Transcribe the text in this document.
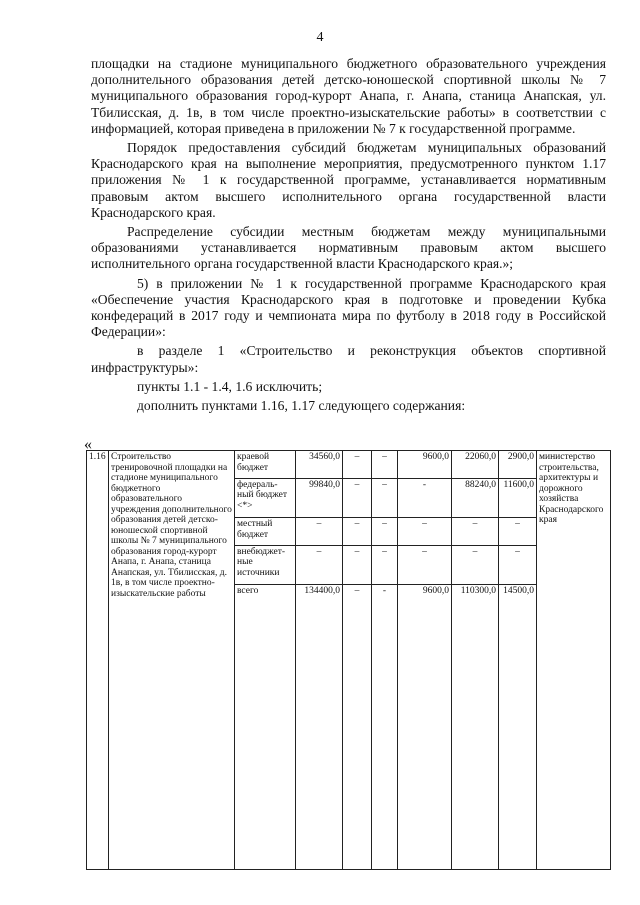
4

площадки на стадионе муниципального бюджетного образовательного учреждения дополнительного образования детей детско-юношеской спортивной школы № 7 муниципального образования город-курорт Анапа, г. Анапа, станица Анапская, ул. Тбилисская, д. 1в, в том числе проектно-изыскательские работы» в соответствии с информацией, которая приведена в приложении № 7 к государственной программе.

Порядок предоставления субсидий бюджетам муниципальных образований Краснодарского края на выполнение мероприятия, предусмотренного пунктом 1.17 приложения № 1 к государственной программе, устанавливается нормативным правовым актом высшего исполнительного органа государственной власти Краснодарского края.

Распределение субсидии местным бюджетам между муниципальными образованиями устанавливается нормативным правовым актом высшего исполнительного органа государственной власти Краснодарского края.»;

5) в приложении № 1 к государственной программе Краснодарского края «Обеспечение участия Краснодарского края в подготовке и проведении Кубка конфедераций в 2017 году и чемпионата мира по футболу в 2018 году в Российской Федерации»:

в разделе 1 «Строительство и реконструкция объектов спортивной инфраструктуры»:

пункты 1.1 - 1.4, 1.6 исключить;

дополнить пунктами 1.16, 1.17 следующего содержания:

«
1.16	Строительство тренировочной площадки на стадионе муниципального бюджетного образовательного учреждения дополнительного образования детей детско-юношеской спортивной школы № 7 муниципального образования город-курорт Анапа, г. Анапа, станица Анапская, ул. Тбилисская, д. 1в, в том числе проектно-изыскательские работы	краевой бюджет	34560,0	–	–	9600,0	22060,0	2900,0	министерство строительства, архитектуры и дорожного хозяйства Краснодарского края
		федераль-ный бюджет <*>	99840,0	–	–	-	88240,0	11600,0	
		местный бюджет	–	–	–	–	–	–	
		внебюджет-ные источники	–	–	–	–	–	–	
		всего	134400,0	–	-	9600,0	110300,0	14500,0	
